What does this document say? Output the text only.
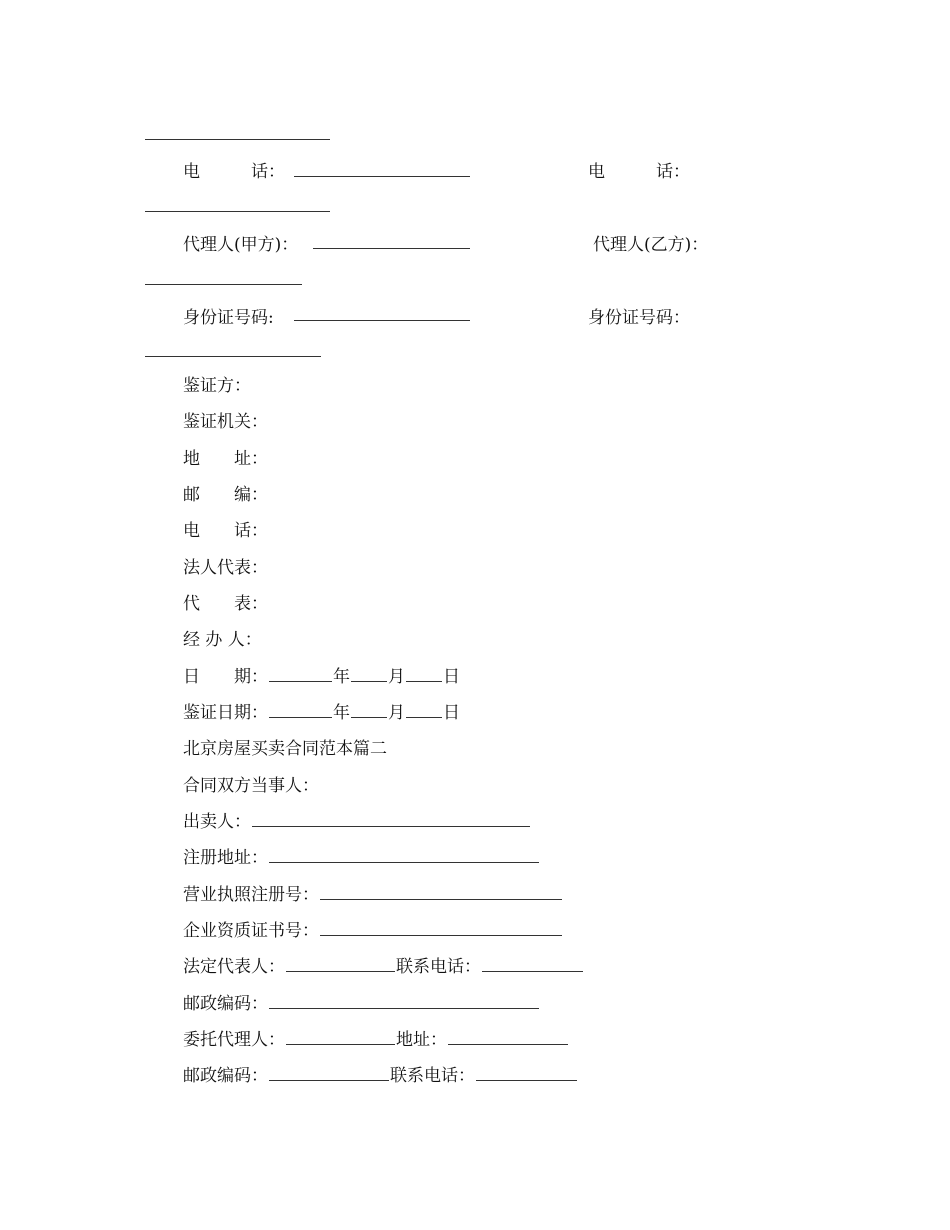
电　　　话：	电　　　话：
代理人(甲方)：	代理人(乙方)：
身份证号码:	身份证号码：
鉴证方：
鉴证机关：
地　　址：
邮　　编：
电　　话：
法人代表：
代　　表：
经 办 人：
日　　期：	年 月 日
鉴证日期：	年 月 日
北京房屋买卖合同范本篇二
合同双方当事人：
出卖人：
注册地址：
营业执照注册号：
企业资质证书号：
法定代表人：	联系电话：
邮政编码：
委托代理人：	地址：
邮政编码：	联系电话：
